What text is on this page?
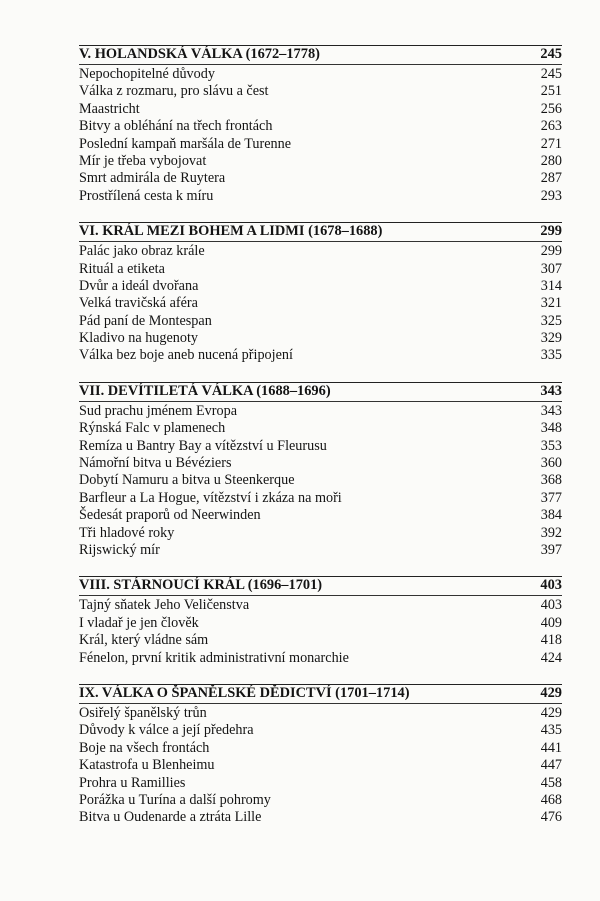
V. HOLANDSKÁ VÁLKA (1672–1778)	245
Nepochopitelné důvody	245
Válka z rozmaru, pro slávu a čest	251
Maastricht	256
Bitvy a obléhání na třech frontách	263
Poslední kampaň maršála de Turenne	271
Mír je třeba vybojovat	280
Smrt admirála de Ruytera	287
Prostřílená cesta k míru	293
VI. KRÁL MEZI BOHEM A LIDMI (1678–1688)	299
Palác jako obraz krále	299
Rituál a etiketa	307
Dvůr a ideál dvořana	314
Velká travičská aféra	321
Pád paní de Montespan	325
Kladivo na hugenoty	329
Válka bez boje aneb nucená připojení	335
VII. DEVÍTILETÁ VÁLKA (1688–1696)	343
Sud prachu jménem Evropa	343
Rýnská Falc v plamenech	348
Remíza u Bantry Bay a vítězství u Fleurusu	353
Námořní bitva u Bévéziers	360
Dobytí Namuru a bitva u Steenkerque	368
Barfleur a La Hogue, vítězství i zkáza na moři	377
Šedesát praporů od Neerwinden	384
Tři hladové roky	392
Rijswický mír	397
VIII. STÁRNOUCÍ KRÁL (1696–1701)	403
Tajný sňatek Jeho Veličenstva	403
I vladař je jen člověk	409
Král, který vládne sám	418
Fénelon, první kritik administrativní monarchie	424
IX. VÁLKA O ŠPANĚLSKÉ DĚDICTVÍ (1701–1714)	429
Osiřelý španělský trůn	429
Důvody k válce a její předehra	435
Boje na všech frontách	441
Katastrofa u Blenheimu	447
Prohra u Ramillies	458
Porážka u Turína a další pohromy	468
Bitva u Oudenarde a ztráta Lille	476
